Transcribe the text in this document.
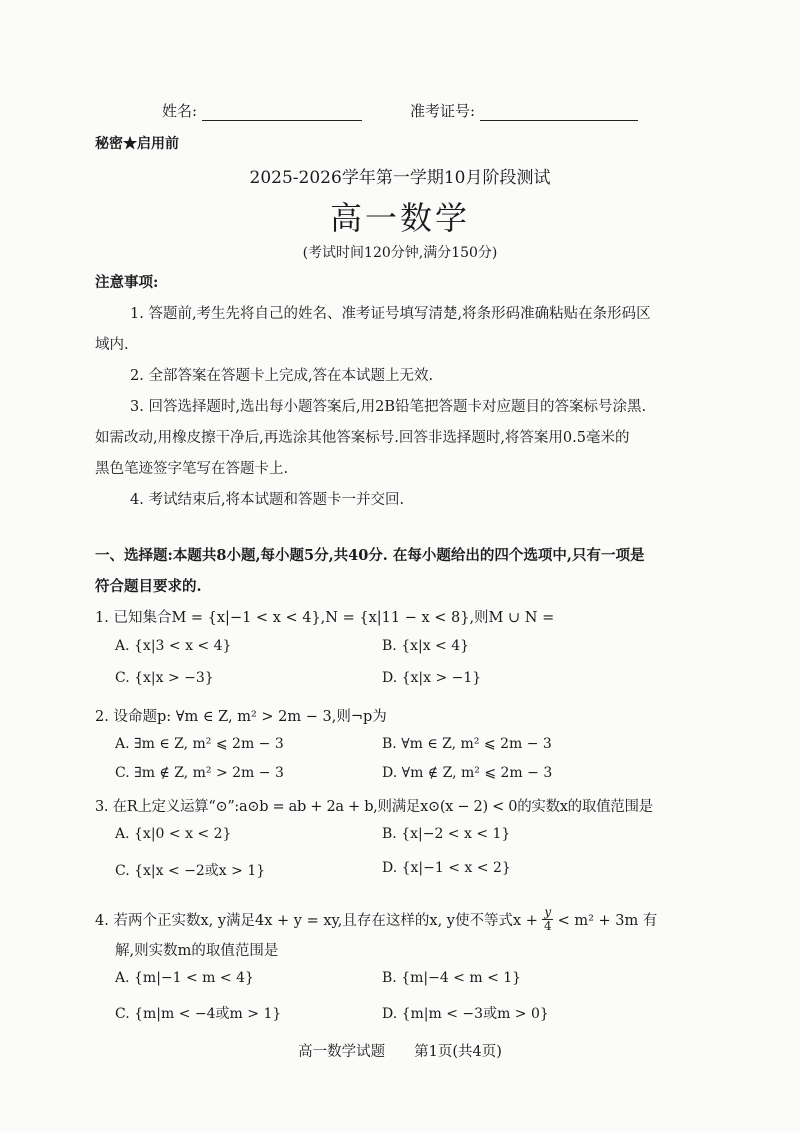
姓名:	准考证号:
秘密★启用前
2025-2026学年第一学期10月阶段测试
高一数学
(考试时间120分钟,满分150分)
注意事项:
1. 答题前,考生先将自己的姓名、准考证号填写清楚,将条形码准确粘贴在条形码区
域内.
2. 全部答案在答题卡上完成,答在本试题上无效.
3. 回答选择题时,选出每小题答案后,用2B铅笔把答题卡对应题目的答案标号涂黑.
如需改动,用橡皮擦干净后,再选涂其他答案标号.回答非选择题时,将答案用0.5毫米的
黑色笔迹签字笔写在答题卡上.
4. 考试结束后,将本试题和答题卡一并交回.
一、选择题:本题共8小题,每小题5分,共40分. 在每小题给出的四个选项中,只有一项是
符合题目要求的.
1. 已知集合M = {x|−1 < x < 4},N = {x|11 − x < 8},则M ∪ N =
A. {x|3 < x < 4}	B. {x|x < 4}
C. {x|x > −3}	D. {x|x > −1}
2. 设命题p: ∀m ∈ Z, m² > 2m − 3,则¬p为
A. ∃m ∈ Z, m² ⩽ 2m − 3	B. ∀m ∈ Z, m² ⩽ 2m − 3
C. ∃m ∉ Z, m² > 2m − 3	D. ∀m ∉ Z, m² ⩽ 2m − 3
3. 在R上定义运算“⊙”:a⊙b = ab + 2a + b,则满足x⊙(x − 2) < 0的实数x的取值范围是
A. {x|0 < x < 2}	B. {x|−2 < x < 1}
C. {x|x < −2或x > 1}	D. {x|−1 < x < 2}
4. 若两个正实数x, y满足4x + y = xy,且存在这样的x, y使不等式$x + \frac{y}{4} < m^2 + 3m$ 有
解,则实数m的取值范围是
A. {m|−1 < m < 4}	B. {m|−4 < m < 1}
C. {m|m < −4或m > 1}	D. {m|m < −3或m > 0}
高一数学试题　　第1页(共4页)
